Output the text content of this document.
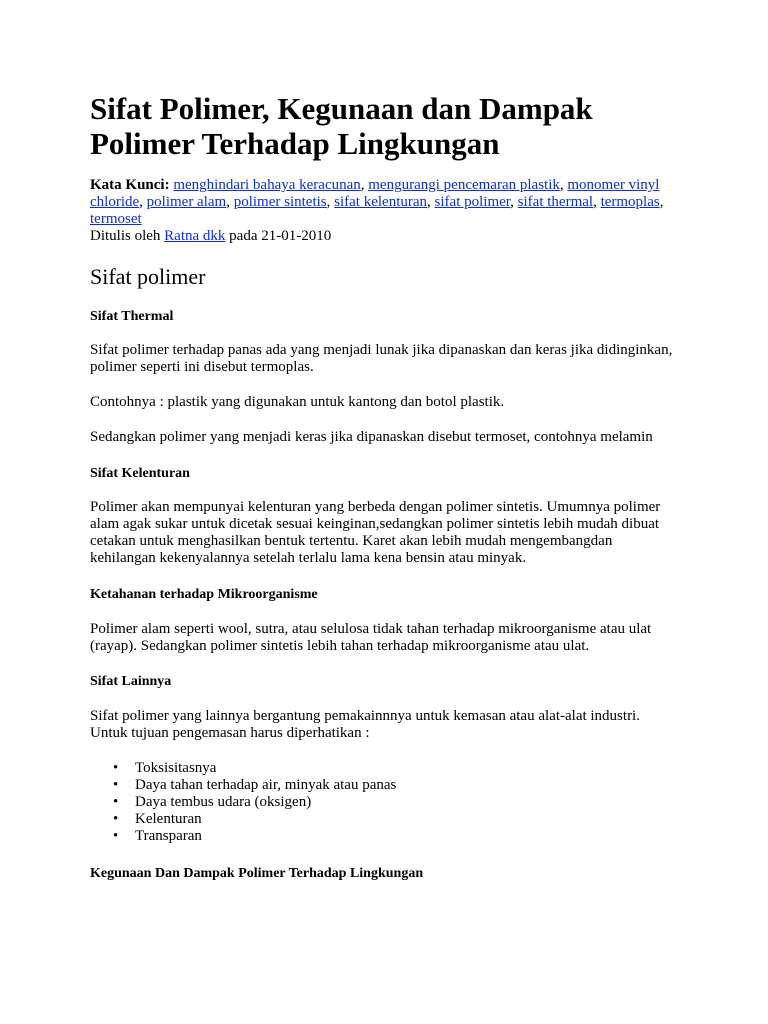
Sifat Polimer, Kegunaan dan Dampak Polimer Terhadap Lingkungan
Kata Kunci: menghindari bahaya keracunan, mengurangi pencemaran plastik, monomer vinyl chloride, polimer alam, polimer sintetis, sifat kelenturan, sifat polimer, sifat thermal, termoplas, termoset
Ditulis oleh Ratna dkk pada 21-01-2010
Sifat polimer
Sifat Thermal
Sifat polimer terhadap panas ada yang menjadi lunak jika dipanaskan dan keras jika didinginkan,
polimer seperti ini disebut termoplas.
Contohnya : plastik yang digunakan untuk kantong dan botol plastik.
Sedangkan polimer yang menjadi keras jika dipanaskan disebut termoset, contohnya melamin
Sifat Kelenturan
Polimer akan mempunyai kelenturan yang berbeda dengan polimer sintetis. Umumnya polimer
alam agak sukar untuk dicetak sesuai keinginan,sedangkan polimer sintetis lebih mudah dibuat
cetakan untuk menghasilkan bentuk tertentu. Karet akan lebih mudah mengembangdan
kehilangan kekenyalannya setelah terlalu lama kena bensin atau minyak.
Ketahanan terhadap Mikroorganisme
Polimer alam seperti wool, sutra, atau selulosa tidak tahan terhadap mikroorganisme atau ulat
(rayap). Sedangkan polimer sintetis lebih tahan terhadap mikroorganisme atau ulat.
Sifat Lainnya
Sifat polimer yang lainnya bergantung pemakainnnya untuk kemasan atau alat-alat industri.
Untuk tujuan pengemasan harus diperhatikan :
•	Toksisitasnya
•	Daya tahan terhadap air, minyak atau panas
•	Daya tembus udara (oksigen)
•	Kelenturan
•	Transparan
Kegunaan Dan Dampak Polimer Terhadap Lingkungan
